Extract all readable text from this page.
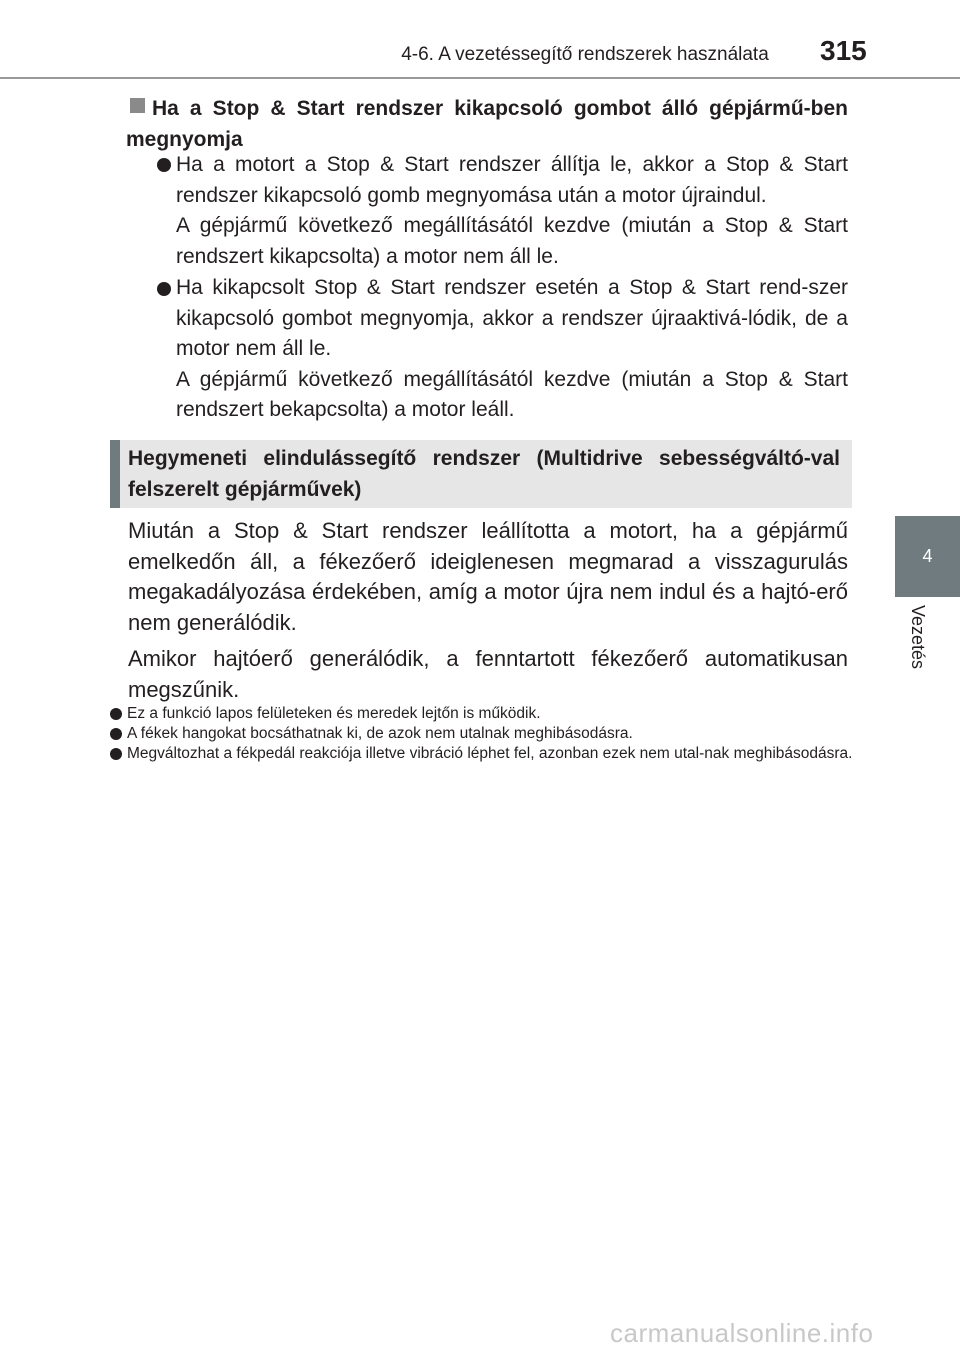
4-6. A vezetéssegítő rendszerek használata	315
4
Vezetés
Ha a Stop & Start rendszer kikapcsoló gombot álló gépjármű-ben megnyomja

Ha a motort a Stop & Start rendszer állítja le, akkor a Stop & Start rendszer kikapcsoló gomb megnyomása után a motor újraindul.

A gépjármű következő megállításától kezdve (miután a Stop & Start rendszert kikapcsolta) a motor nem áll le.

Ha kikapcsolt Stop & Start rendszer esetén a Stop & Start rend-szer kikapcsoló gombot megnyomja, akkor a rendszer újraaktivá-lódik, de a motor nem áll le.

A gépjármű következő megállításától kezdve (miután a Stop & Start rendszert bekapcsolta) a motor leáll.

Hegymeneti elindulássegítő rendszer (Multidrive sebességváltó-val felszerelt gépjárművek)

Miután a Stop & Start rendszer leállította a motort, ha a gépjármű emelkedőn áll, a fékezőerő ideiglenesen megmarad a visszagurulás megakadályozása érdekében, amíg a motor újra nem indul és a hajtó-erő nem generálódik.

Amikor hajtóerő generálódik, a fenntartott fékezőerő automatikusan megszűnik.

Ez a funkció lapos felületeken és meredek lejtőn is működik.
A fékek hangokat bocsáthatnak ki, de azok nem utalnak meghibásodásra.
Megváltozhat a fékpedál reakciója illetve vibráció léphet fel, azonban ezek nem utal-nak meghibásodásra.
carmanualsonline.info
